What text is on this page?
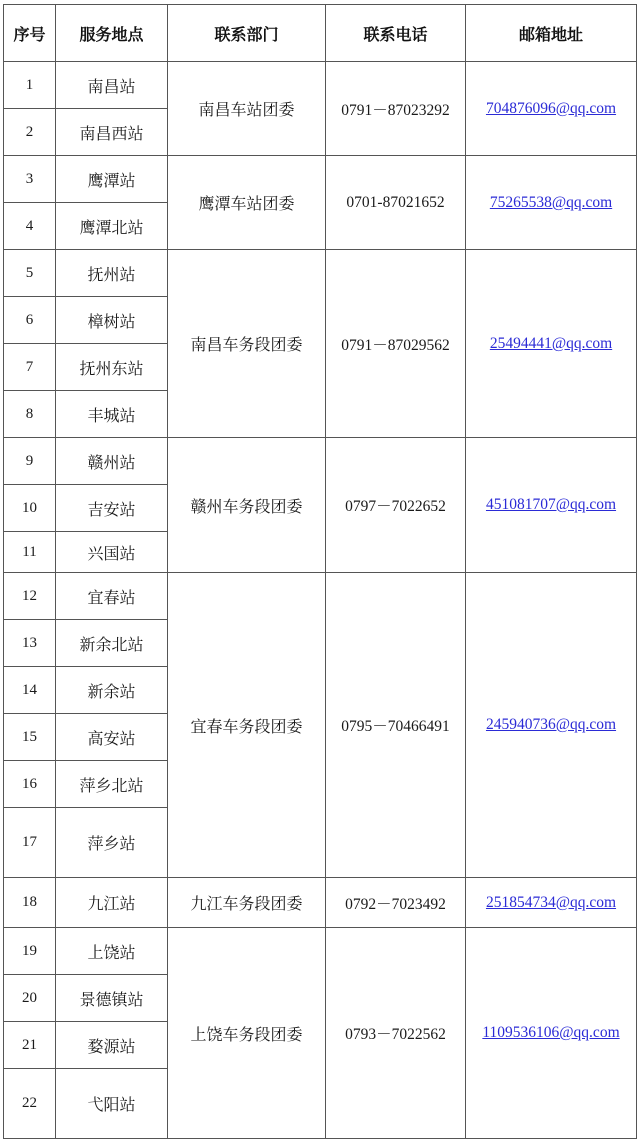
序号	服务地点	联系部门	联系电话	邮箱地址
1	南昌站	南昌车站团委	0791－87023292	704876096@qq.com
2	南昌西站			
3	鹰潭站	鹰潭车站团委	0701-87021652	75265538@qq.com
4	鹰潭北站			
5	抚州站	南昌车务段团委	0791－87029562	25494441@qq.com
6	樟树站			
7	抚州东站			
8	丰城站			
9	赣州站	赣州车务段团委	0797－7022652	451081707@qq.com
10	吉安站			
11	兴国站			
12	宜春站	宜春车务段团委	0795－70466491	245940736@qq.com
13	新余北站			
14	新余站			
15	高安站			
16	萍乡北站			
17	萍乡站			
18	九江站	九江车务段团委	0792－7023492	251854734@qq.com
19	上饶站	上饶车务段团委	0793－7022562	1109536106@qq.com
20	景德镇站			
21	婺源站			
22	弋阳站			
